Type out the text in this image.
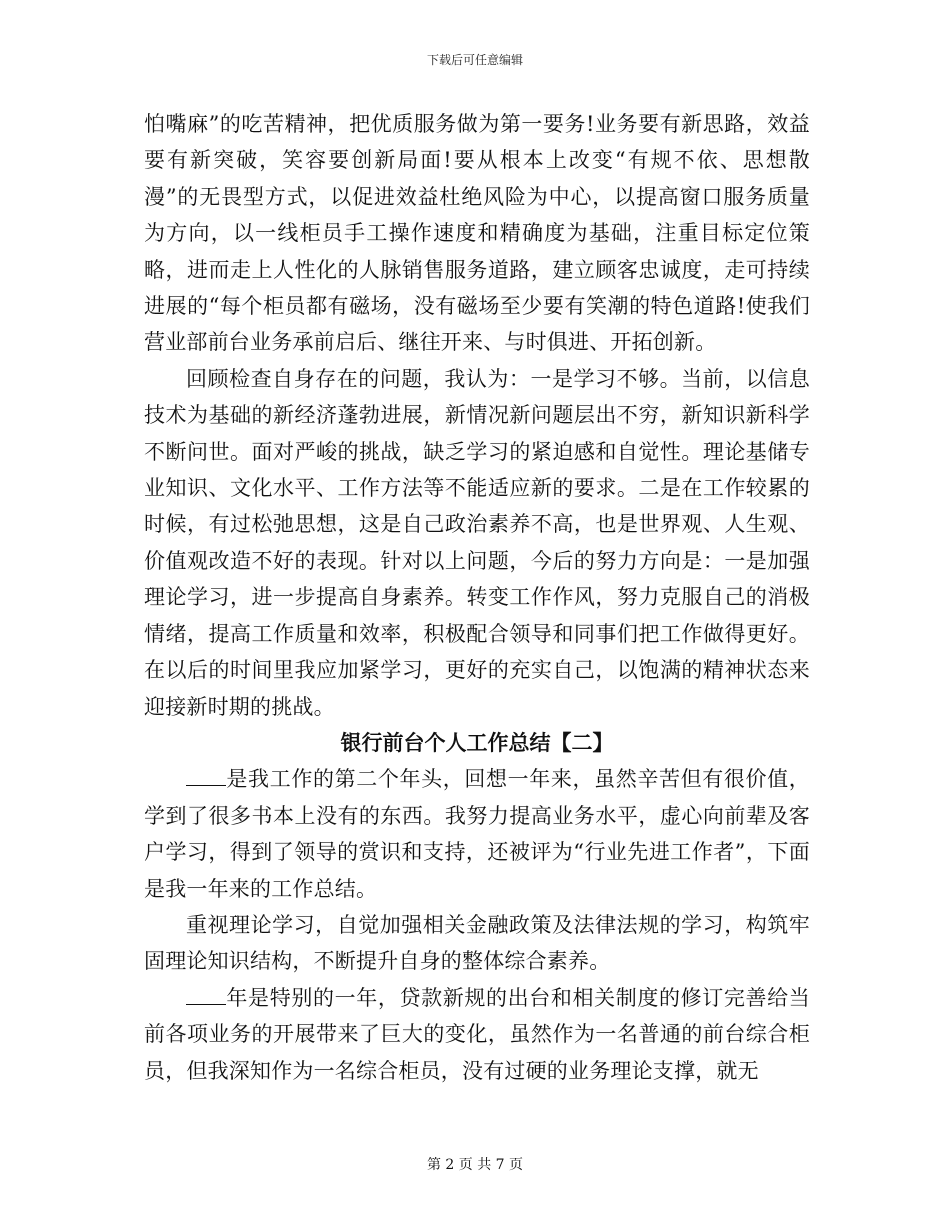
下载后可任意编辑

怕嘴麻”的吃苦精神，把优质服务做为第一要务!业务要有新思路，效益要有新突破，笑容要创新局面!要从根本上改变“有规不依、思想散漫”的无畏型方式，以促进效益杜绝风险为中心，以提高窗口服务质量为方向，以一线柜员手工操作速度和精确度为基础，注重目标定位策略，进而走上人性化的人脉销售服务道路，建立顾客忠诚度，走可持续进展的“每个柜员都有磁场，没有磁场至少要有笑潮的特色道路!使我们营业部前台业务承前启后、继往开来、与时俱进、开拓创新。

回顾检查自身存在的问题，我认为：一是学习不够。当前，以信息技术为基础的新经济蓬勃进展，新情况新问题层出不穷，新知识新科学不断问世。面对严峻的挑战，缺乏学习的紧迫感和自觉性。理论基储专业知识、文化水平、工作方法等不能适应新的要求。二是在工作较累的时候，有过松弛思想，这是自己政治素养不高，也是世界观、人生观、价值观改造不好的表现。针对以上问题，今后的努力方向是：一是加强理论学习，进一步提高自身素养。转变工作作风，努力克服自己的消极情绪，提高工作质量和效率，积极配合领导和同事们把工作做得更好。在以后的时间里我应加紧学习，更好的充实自己，以饱满的精神状态来迎接新时期的挑战。

银行前台个人工作总结【二】

是我工作的第二个年头，回想一年来，虽然辛苦但有很价值，学到了很多书本上没有的东西。我努力提高业务水平，虚心向前辈及客户学习，得到了领导的赏识和支持，还被评为“行业先进工作者”，下面是我一年来的工作总结。

重视理论学习，自觉加强相关金融政策及法律法规的学习，构筑牢固理论知识结构，不断提升自身的整体综合素养。

年是特别的一年，贷款新规的出台和相关制度的修订完善给当前各项业务的开展带来了巨大的变化，虽然作为一名普通的前台综合柜员，但我深知作为一名综合柜员，没有过硬的业务理论支撑，就无

第 2 页 共 7 页
